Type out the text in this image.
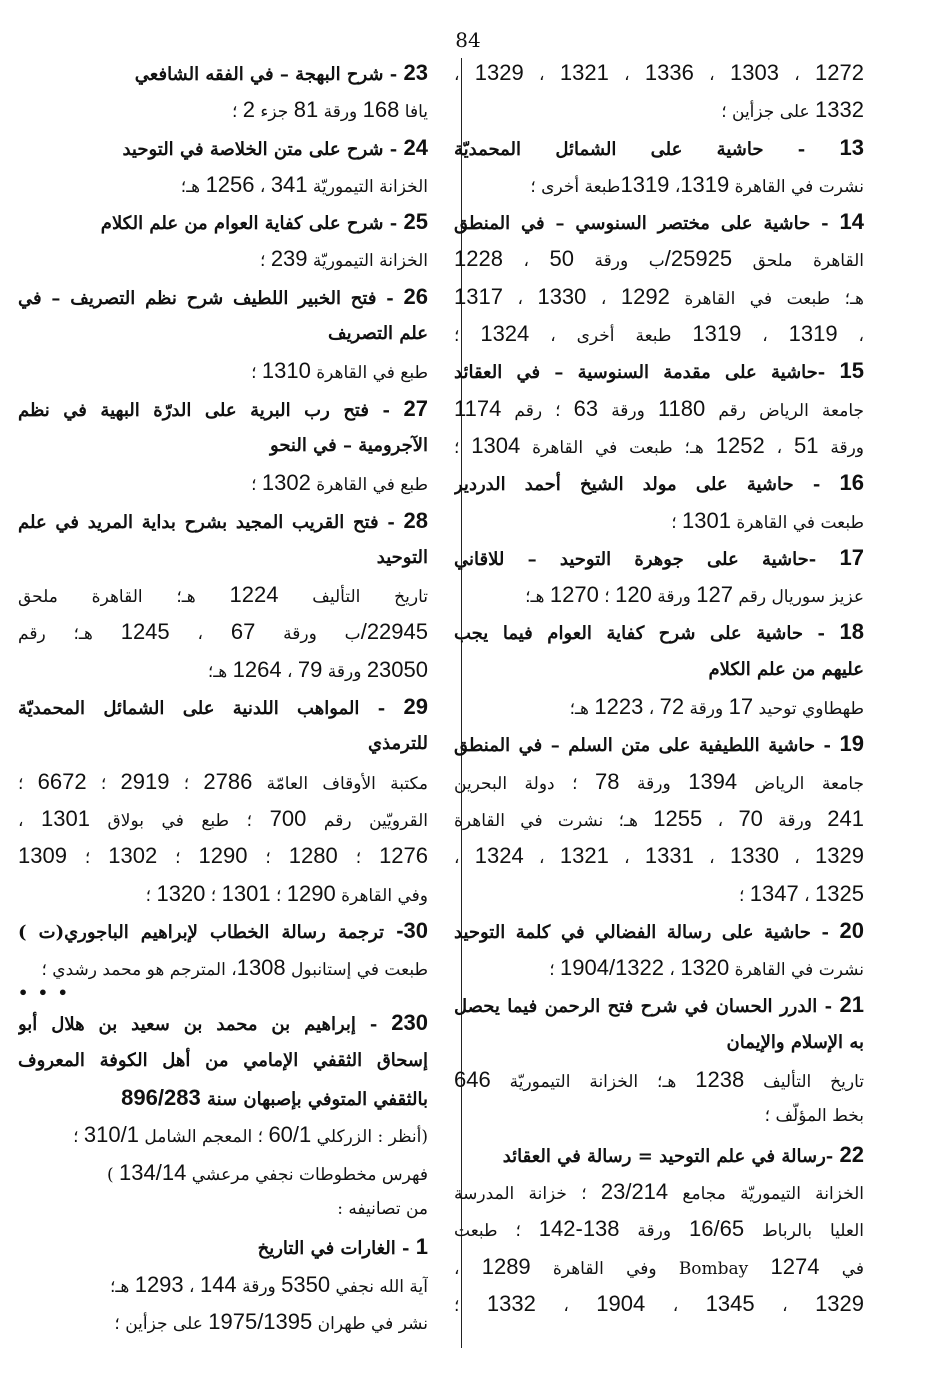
84
1272 ، 1303 ، 1336 ، 1321 ، 1329 ،
1332 على جزأين ؛
13 - حاشية على الشمائل المحمديّة
نشرت في القاهرة 1319، 1319طبعة أخرى ؛
14 - حاشية على مختصر السنوسي – في المنطق
القاهرة ملحق 25925/ب ورقة 50 ، 1228
هـ؛ طبعت في القاهرة 1292 ، 1330 ، 1317
، 1319 ، 1319 طبعة أخرى ، 1324 ؛
15 -حاشية على مقدمة السنوسية – في العقائد
جامعة الرياض رقم 1180 ورقة 63 ؛ رقم 1174
ورقة 51 ، 1252 هـ؛ طبعت في القاهرة 1304 ؛
16 - حاشية على مولد الشيخ أحمد الدردير
طبعت في القاهرة 1301 ؛
17 -حاشية على جوهرة التوحيد – للاقاني
عزيز سوريال رقم 127 ورقة 120 ؛ 1270 هـ؛
18 - حاشية على شرح كفاية العوام فيما يجب
عليهم من علم الكلام
طهطاوي توحيد 17 ورقة 72 ، 1223 هـ؛
19 - حاشية اللطيفية على متن السلم – في المنطق
جامعة الرياض 1394 ورقة 78 ؛ دولة البحرين
241 ورقة 70 ، 1255 هـ؛ نشرت في القاهرة
1329 ، 1330 ، 1331 ، 1321 ، 1324 ،
1325 ، 1347 ؛
20 - حاشية على رسالة الفضالي في كلمة التوحيد
نشرت في القاهرة 1320 ، 1904/1322 ؛
21 - الدرر الحسان في شرح فتح الرحمن فيما يحصل
به الإسلام والإيمان
تاريخ التأليف 1238 هـ؛ الخزانة التيموريّة 646
بخط المؤلّف ؛
22 -رسالة في علم التوحيد = رسالة في العقائد
الخزانة التيموريّة مجامع 23/214 ؛ خزانة المدرسة
العليا بالرباط 16/65 ورقة 138-142 ؛ طبعت
في 1274 Bombay وفي القاهرة 1289 ،
1329 ، 1345 ، 1904 ، 1332 ؛
23 - شرح البهجة – في الفقه الشافعي
يافا 168 ورقة 81 جزء 2 ؛
24 - شرح على متن الخلاصة في التوحيد
الخزانة التيموريّة 341 ، 1256 هـ؛
25 - شرح على كفاية العوام من علم الكلام
الخزانة التيموريّة 239 ؛
26 - فتح الخبير اللطيف شرح نظم التصريف – في
علم التصريف
طبع في القاهرة 1310 ؛
27 - فتح رب البرية على الدرّة البهية في نظم
الآجرومية – في النحو
طبع في القاهرة 1302 ؛
28 - فتح القريب المجيد بشرح بداية المريد في علم
التوحيد
تاريخ التأليف 1224 هـ؛ القاهرة ملحق
22945/ب ورقة 67 ، 1245 هـ؛ رقم
23050 ورقة 79 ، 1264 هـ؛
29 - المواهب اللدنية على الشمائل المحمديّة
للترمذي
مكتبة الأوقاف العامّة 2786 ؛ 2919 ؛ 6672 ؛
القرويّين رقم 700 ؛ طبع في بولاق 1301 ،
1276 ؛ 1280 ؛ 1290 ؛ 1302 ؛ 1309
وفي القاهرة 1290 ؛ 1301 ؛ 1320 ؛
30- ترجمة رسالة الخطاب لإبراهيم الباجوري(ت )
طبعت في إستانبول 1308، المترجم هو محمد رشدي ؛
• • •
230 - إبراهيم بن محمد بن سعيد بن هلال أبو
إسحاق الثقفي الإمامي من أهل الكوفة المعروف
بالثقفي المتوفي بإصبهان سنة 896/283
(أنظر : الزركلي 60/1 ؛ المعجم الشامل 310/1 ؛
فهرس مخطوطات نجفي مرعشي 134/14 )
من تصانيفه :
1 - الغارات في التاريخ
آية الله نجفي 5350 ورقة 144 ، 1293 هـ؛
نشر في طهران 1975/1395 على جزأين ؛
